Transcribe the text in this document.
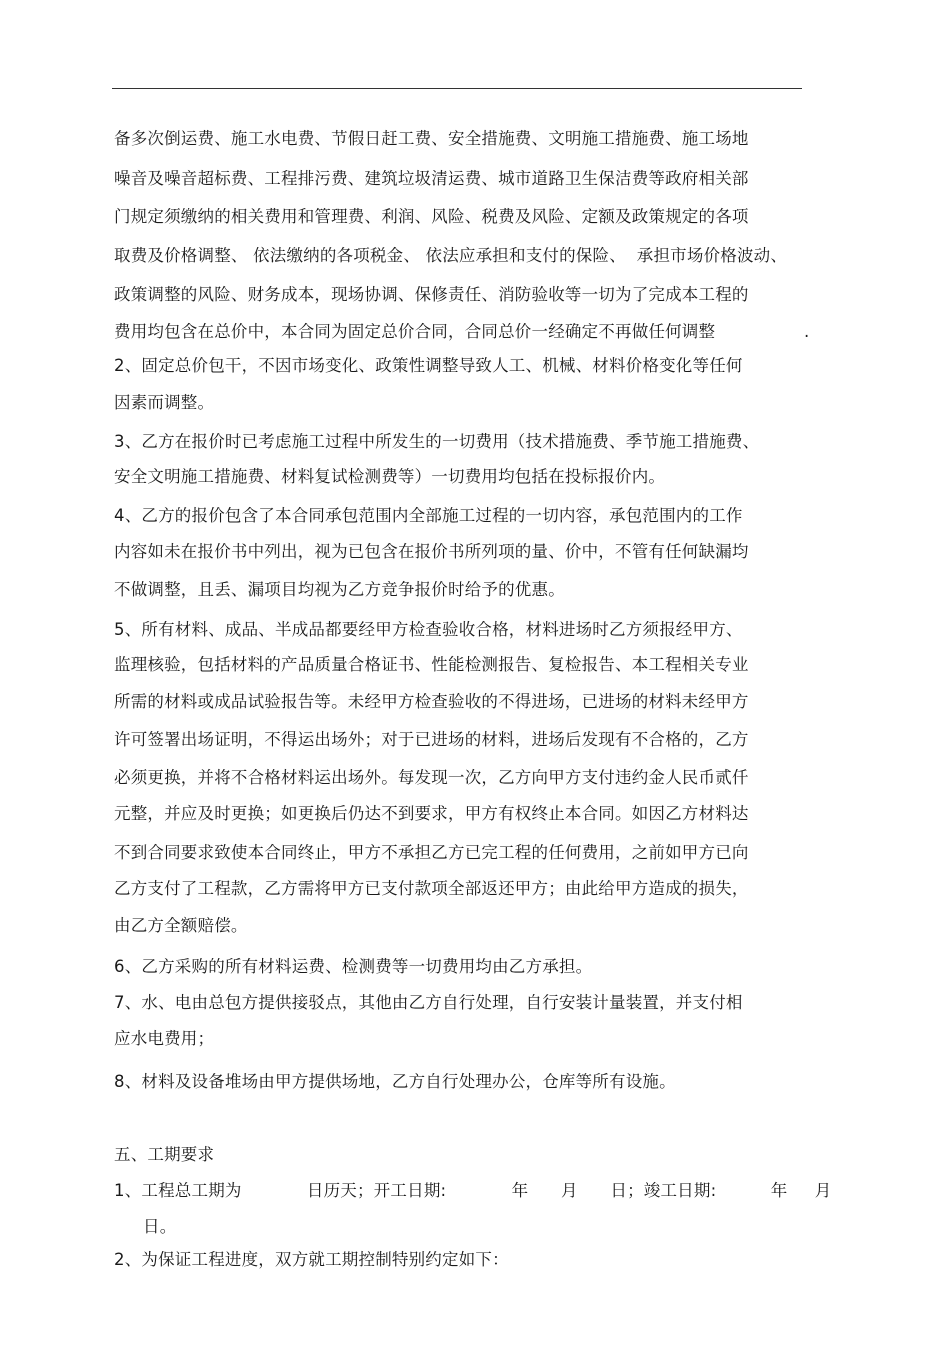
备多次倒运费、施工水电费、节假日赶工费、安全措施费、文明施工措施费、施工场地
噪音及噪音超标费、工程排污费、建筑垃圾清运费、城市道路卫生保洁费等政府相关部
门规定须缴纳的相关费用和管理费、利润、风险、税费及风险、定额及政策规定的各项
取费及价格调整、 依法缴纳的各项税金、 依法应承担和支付的保险、  承担市场价格波动、
政策调整的风险、财务成本，现场协调、保修责任、消防验收等一切为了完成本工程的
费用均包含在总价中，本合同为固定总价合同，合同总价一经确定不再做任何调整	.
2、固定总价包干，不因市场变化、政策性调整导致人工、机械、材料价格变化等任何
因素而调整。
3、乙方在报价时已考虑施工过程中所发生的一切费用（技术措施费、季节施工措施费、
安全文明施工措施费、材料复试检测费等）一切费用均包括在投标报价内。
4、乙方的报价包含了本合同承包范围内全部施工过程的一切内容，承包范围内的工作
内容如未在报价书中列出，视为已包含在报价书所列项的量、价中，不管有任何缺漏均
不做调整，且丢、漏项目均视为乙方竞争报价时给予的优惠。
5、所有材料、成品、半成品都要经甲方检查验收合格，材料进场时乙方须报经甲方、
监理核验，包括材料的产品质量合格证书、性能检测报告、复检报告、本工程相关专业
所需的材料或成品试验报告等。未经甲方检查验收的不得进场，已进场的材料未经甲方
许可签署出场证明，不得运出场外；对于已进场的材料，进场后发现有不合格的，乙方
必须更换，并将不合格材料运出场外。每发现一次，乙方向甲方支付违约金人民币贰仟
元整，并应及时更换；如更换后仍达不到要求，甲方有权终止本合同。如因乙方材料达
不到合同要求致使本合同终止，甲方不承担乙方已完工程的任何费用，之前如甲方已向
乙方支付了工程款，乙方需将甲方已支付款项全部返还甲方；由此给甲方造成的损失，
由乙方全额赔偿。
6、乙方采购的所有材料运费、检测费等一切费用均由乙方承担。
7、水、电由总包方提供接驳点，其他由乙方自行处理，自行安装计量装置，并支付相
应水电费用；
8、材料及设备堆场由甲方提供场地，乙方自行处理办公，仓库等所有设施。
五、工期要求
1、工程总工期为            日历天；开工日期:            年      月      日；竣工日期:          年     月
日。
2、为保证工程进度，双方就工期控制特别约定如下：
